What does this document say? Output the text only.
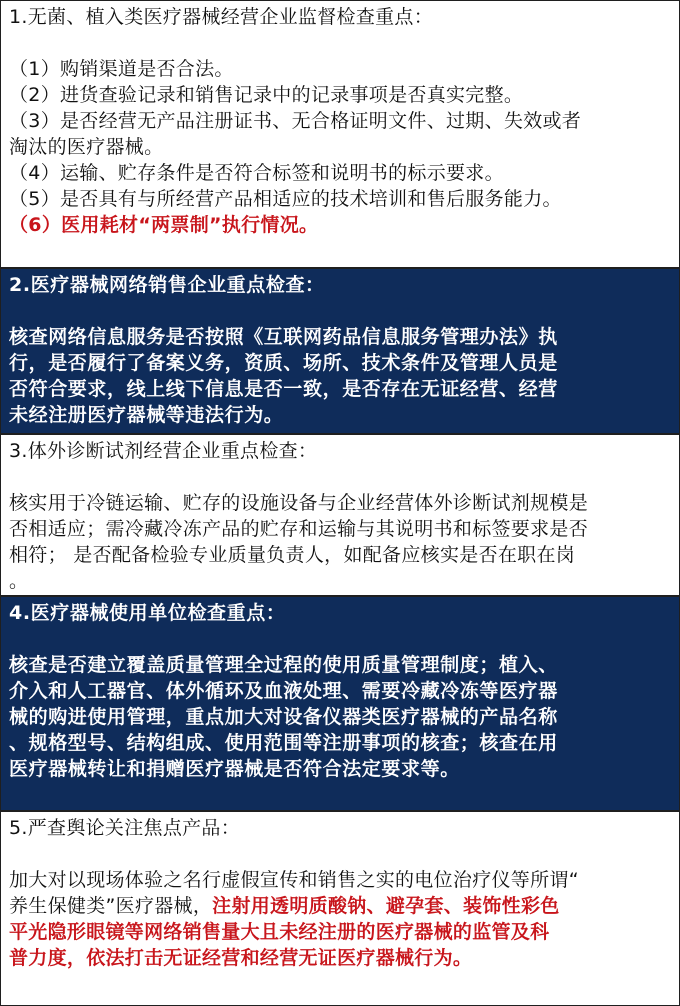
1.无菌、植入类医疗器械经营企业监督检查重点：
（1）购销渠道是否合法。
（2）进货查验记录和销售记录中的记录事项是否真实完整。
（3）是否经营无产品注册证书、无合格证明文件、过期、失效或者
淘汰的医疗器械。
（4）运输、贮存条件是否符合标签和说明书的标示要求。
（5）是否具有与所经营产品相适应的技术培训和售后服务能力。
（6）医用耗材“两票制”执行情况。
2.医疗器械网络销售企业重点检查：
核查网络信息服务是否按照《互联网药品信息服务管理办法》执
行，是否履行了备案义务，资质、场所、技术条件及管理人员是
否符合要求，线上线下信息是否一致，是否存在无证经营、经营
未经注册医疗器械等违法行为。
3.体外诊断试剂经营企业重点检查：
核实用于冷链运输、贮存的设施设备与企业经营体外诊断试剂规模是
否相适应；需冷藏冷冻产品的贮存和运输与其说明书和标签要求是否
相符； 是否配备检验专业质量负责人，如配备应核实是否在职在岗
。
4.医疗器械使用单位检查重点：
核查是否建立覆盖质量管理全过程的使用质量管理制度；植入、
介入和人工器官、体外循环及血液处理、需要冷藏冷冻等医疗器
械的购进使用管理，重点加大对设备仪器类医疗器械的产品名称
、规格型号、结构组成、使用范围等注册事项的核查；核查在用
医疗器械转让和捐赠医疗器械是否符合法定要求等。
5.严查舆论关注焦点产品：
加大对以现场体验之名行虚假宣传和销售之实的电位治疗仪等所谓“
养生保健类”医疗器械，注射用透明质酸钠、避孕套、装饰性彩色
平光隐形眼镜等网络销售量大且未经注册的医疗器械的监管及科
普力度，依法打击无证经营和经营无证医疗器械行为。
